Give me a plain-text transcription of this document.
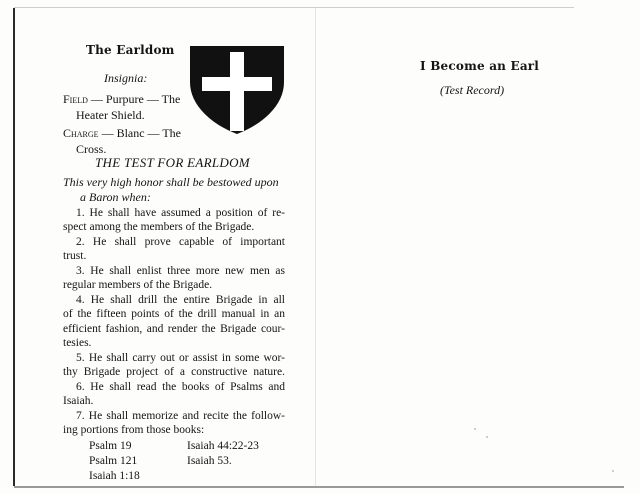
The Earldom
Insignia:
Field — Purpure — The
Heater Shield.
Charge — Blanc — The
Cross.
THE TEST FOR EARLDOM
This very high honor shall be bestowed upon
a Baron when:
1. He shall have assumed a position of re-
spect among the members of the Brigade.
2. He shall prove capable of important
trust.
3. He shall enlist three more new men as
regular members of the Brigade.
4. He shall drill the entire Brigade in all
of the fifteen points of the drill manual in an
efficient fashion, and render the Brigade cour-
tesies.
5. He shall carry out or assist in some wor-
thy Brigade project of a constructive nature.
6. He shall read the books of Psalms and
Isaiah.
7. He shall memorize and recite the follow-
ing portions from those books:
Psalm 19
Psalm 121
Isaiah 1:18
Isaiah 44:22-23
Isaiah 53.
I Become an Earl
(Test Record)
